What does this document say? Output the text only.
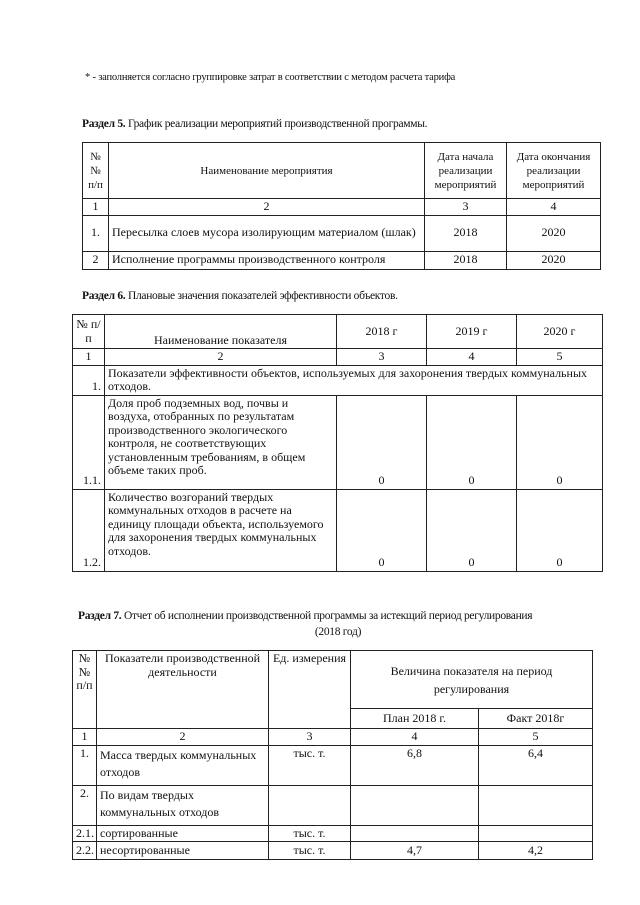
* - заполняется согласно группировке затрат в соответствии с методом расчета тарифа
Раздел 5. График реализации мероприятий производственной программы.
№№ п/п	Наименование мероприятия	Дата начала реализации мероприятий	Дата окончания реализации мероприятий
1	2	3	4
1.	Пересылка слоев мусора изолирующим материалом (шлак)	2018	2020
2	Исполнение программы производственного контроля	2018	2020
Раздел 6. Плановые значения показателей эффективности объектов.
№ п/п	Наименование показателя	2018 г	2019 г	2020 г
1	2	3	4	5
1.	Показатели эффективности объектов, используемых для захоронения твердых коммунальных отходов.			
1.1.	Доля проб подземных вод, почвы и воздуха, отобранных по результатам производственного экологического контроля, не соответствующих установленным требованиям, в общем объеме таких проб.	0	0	0
1.2.	Количество возгораний твердых коммунальных отходов в расчете на единицу площади объекта, используемого для захоронения твердых коммунальных отходов.	0	0	0
Раздел 7. Отчет об исполнении производственной программы за истекщий период регулирования
(2018 год)
№№ п/п	Показатели производственной деятельности	Ед. измерения	Величина показателя на период регулирования	
			План 2018 г.	Факт 2018г
1	2	3	4	5
1.	Масса твердых коммунальных отходов	тыс. т.	6,8	6,4
2.	По видам твердых коммунальных отходов			
2.1.	сортированные	тыс. т.		
2.2.	несортированные	тыс. т.	4,7	4,2
